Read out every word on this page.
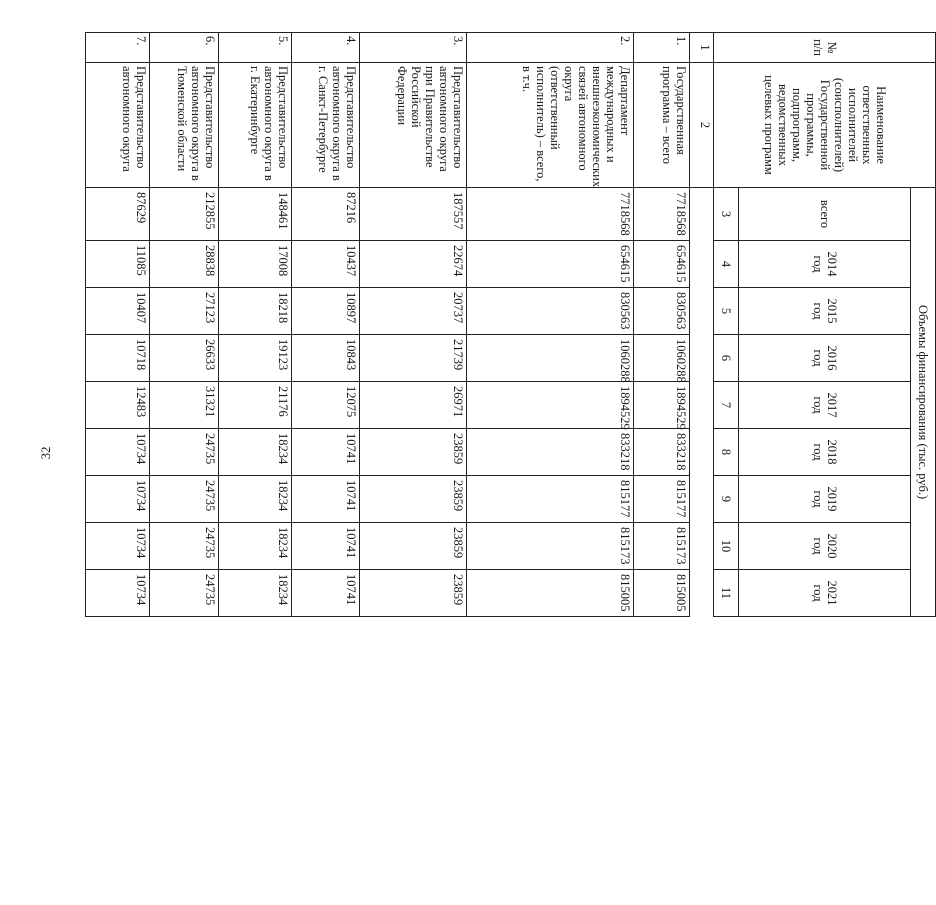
32
№ п/п	Наименование ответственных исполнителей (соисполнителей) Государственной программы, подпрограмм, ведомственных целевых программ	Объемы финансирования (тыс. руб.)								
		всего	2014 год	2015 год	2016 год	2017 год	2018 год	2019 год	2020 год	2021 год
		3	4	5	6	7	8	9	10	11
1	2									
1.	Государственная программа – всего	7718568	654615	830563	1060288	1894529	833218	815177	815173	815005
2.	Департамент международных и внешнеэкономических связей автономного округа (ответственный исполнитель) – всего, в т.ч.	7718568	654615	830563	1060288	1894529	833218	815177	815173	815005
3.	Представительство автономного округа при Правительстве Российской Федерации	187557	22674	20737	21739	26971	23859	23859	23859	23859
4.	Представительство автономного округа в г. Санкт-Петербурге	87216	10437	10897	10843	12075	10741	10741	10741	10741
5.	Представительство автономного округа в г. Екатеринбурге	148461	17008	18218	19123	21176	18234	18234	18234	18234
6.	Представительство автономного округа в Тюменской области	212855	28838	27123	26633	31321	24735	24735	24735	24735
7.	Представительство автономного округа	87629	11085	10407	10718	12483	10734	10734	10734	10734
